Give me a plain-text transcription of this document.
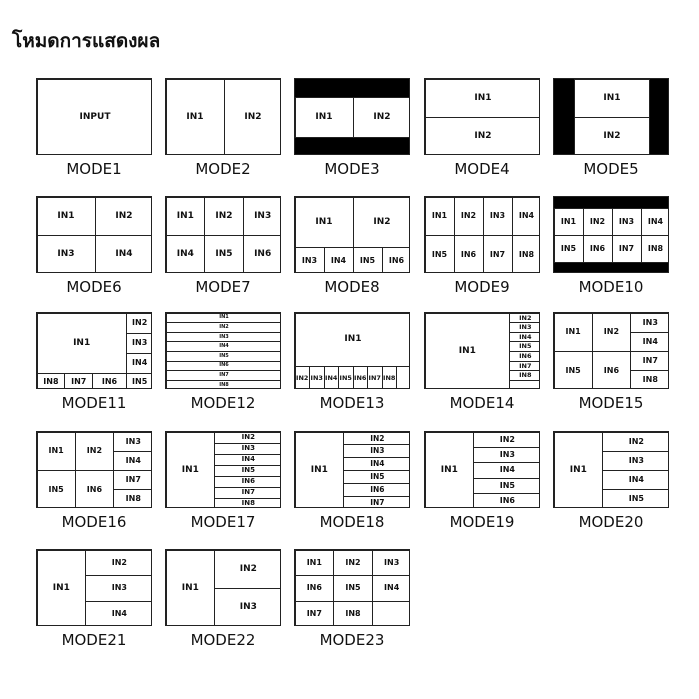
โหมดการแสดงผล
INPUT
MODE1
IN1	IN2
MODE2
IN1	IN2
MODE3
IN1
IN2
MODE4
IN1
IN2
MODE5
IN1	IN2
IN3	IN4
MODE6
IN1	IN2	IN3
IN4	IN5	IN6
MODE7
IN1	IN2
IN3	IN4	IN5	IN6
MODE8
IN1	IN2	IN3	IN4
IN5	IN6	IN7	IN8
MODE9
IN1	IN2	IN3	IN4
IN5	IN6	IN7	IN8
MODE10
IN1
IN2
IN3
IN4
IN5
IN6
IN7
IN8
MODE11
IN1
IN2
IN3
IN4
IN5
IN6
IN7
IN8
MODE12
IN1
IN2 IN3 IN4 IN5 IN6 IN7 IN8
MODE13
IN1
IN2
IN3
IN4
IN5
IN6
IN7
IN8
MODE14
IN1	IN2
IN3
IN4
IN5	IN6
IN7
IN8
MODE15
IN1	IN2
IN3
IN4
IN5	IN6
IN7
IN8
MODE16
IN1
IN2
IN3
IN4
IN5
IN6
IN7
IN8
MODE17
IN1
IN2
IN3
IN4
IN5
IN6
IN7
MODE18
IN1
IN2
IN3
IN4
IN5
IN6
MODE19
IN1
IN2
IN3
IN4
IN5
MODE20
IN1
IN2
IN3
IN4
MODE21
IN1
IN2
IN3
MODE22
IN1	IN2	IN3
IN6	IN5	IN4
IN7	IN8
MODE23
